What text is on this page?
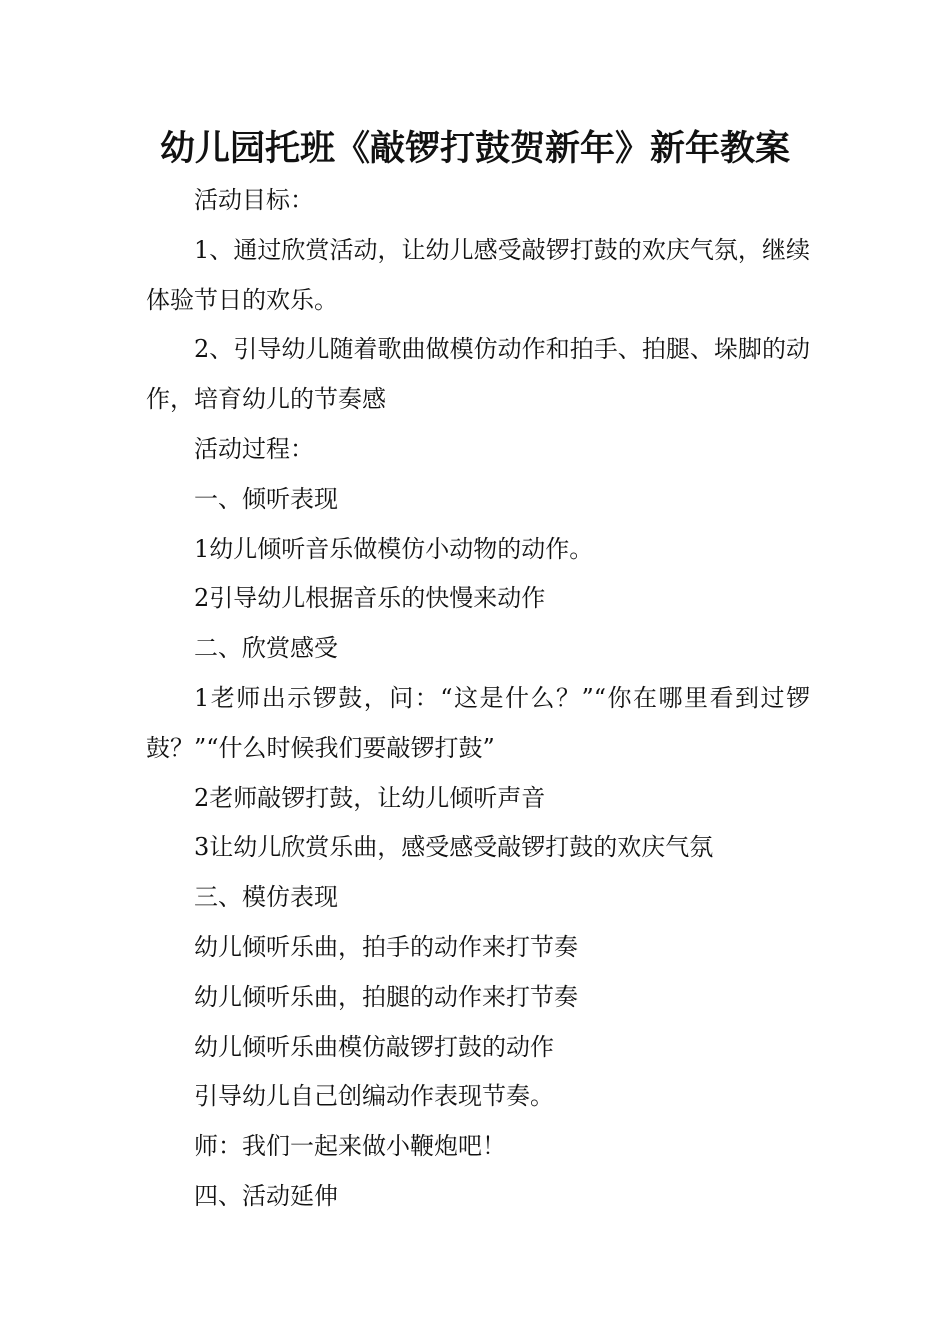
幼儿园托班《敲锣打鼓贺新年》新年教案

活动目标：

1、通过欣赏活动，让幼儿感受敲锣打鼓的欢庆气氛，继续体验节日的欢乐。

2、引导幼儿随着歌曲做模仿动作和拍手、拍腿、垛脚的动作，培育幼儿的节奏感

活动过程：

一、倾听表现

1幼儿倾听音乐做模仿小动物的动作。

2引导幼儿根据音乐的快慢来动作

二、欣赏感受

1老师出示锣鼓，问：“这是什么？”“你在哪里看到过锣鼓？”“什么时候我们要敲锣打鼓”

2老师敲锣打鼓，让幼儿倾听声音

3让幼儿欣赏乐曲，感受感受敲锣打鼓的欢庆气氛

三、模仿表现

幼儿倾听乐曲，拍手的动作来打节奏

幼儿倾听乐曲，拍腿的动作来打节奏

幼儿倾听乐曲模仿敲锣打鼓的动作

引导幼儿自己创编动作表现节奏。

师：我们一起来做小鞭炮吧！

四、活动延伸
